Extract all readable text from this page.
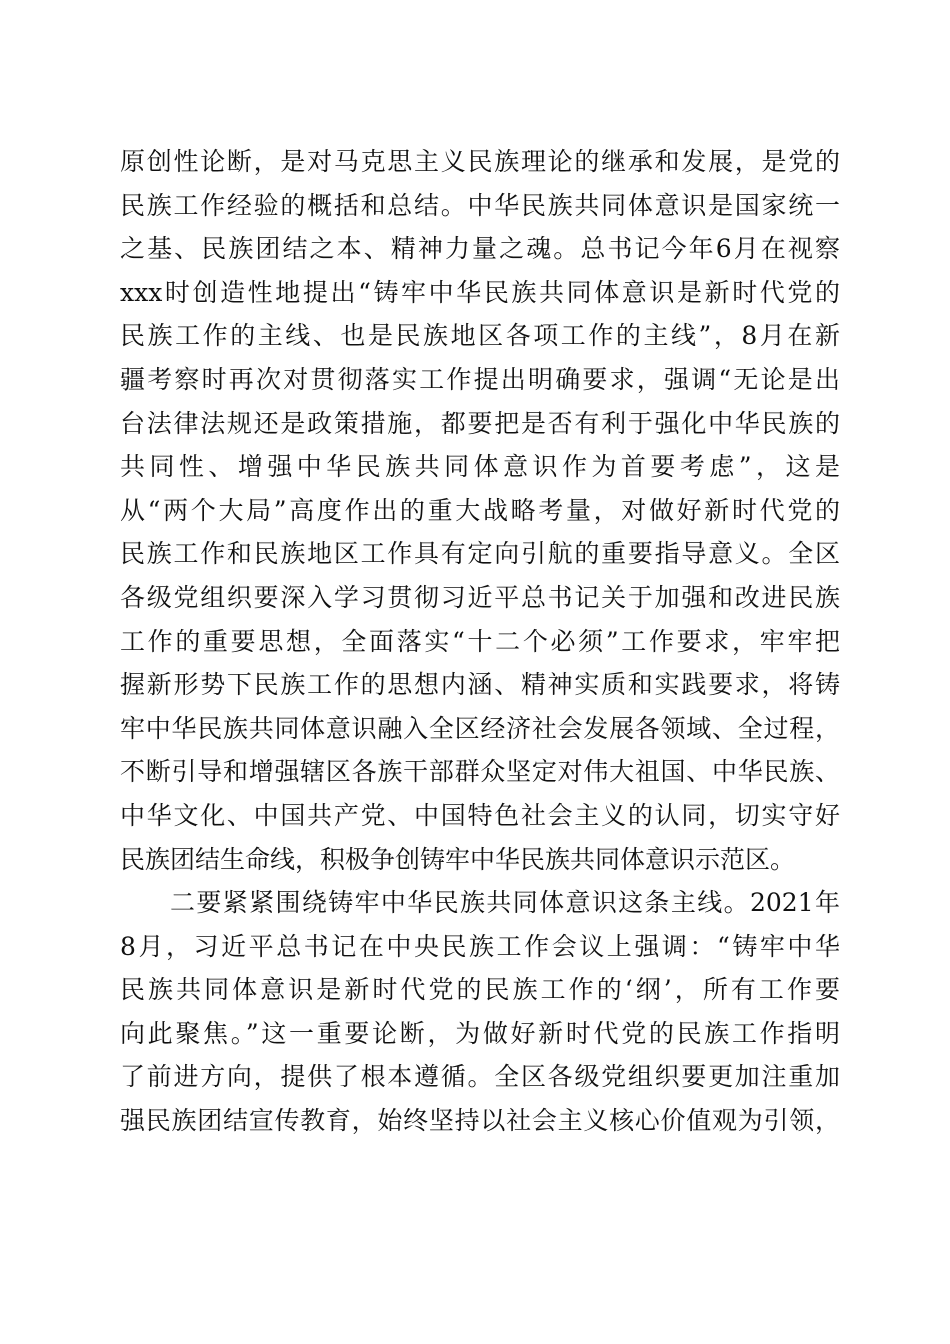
原创性论断，是对马克思主义民族理论的继承和发展，是党的
民族工作经验的概括和总结。中华民族共同体意识是国家统一
之基、民族团结之本、精神力量之魂。总书记今年6月在视察
xxx时创造性地提出“铸牢中华民族共同体意识是新时代党的
民族工作的主线、也是民族地区各项工作的主线”，8月在新
疆考察时再次对贯彻落实工作提出明确要求，强调“无论是出
台法律法规还是政策措施，都要把是否有利于强化中华民族的
共同性、增强中华民族共同体意识作为首要考虑”，这是
从“两个大局”高度作出的重大战略考量，对做好新时代党的
民族工作和民族地区工作具有定向引航的重要指导意义。全区
各级党组织要深入学习贯彻习近平总书记关于加强和改进民族
工作的重要思想，全面落实“十二个必须”工作要求，牢牢把
握新形势下民族工作的思想内涵、精神实质和实践要求，将铸
牢中华民族共同体意识融入全区经济社会发展各领域、全过程，
不断引导和增强辖区各族干部群众坚定对伟大祖国、中华民族、
中华文化、中国共产党、中国特色社会主义的认同，切实守好
民族团结生命线，积极争创铸牢中华民族共同体意识示范区。
二要紧紧围绕铸牢中华民族共同体意识这条主线。2021年
8月，习近平总书记在中央民族工作会议上强调：“铸牢中华
民族共同体意识是新时代党的民族工作的‘纲’，所有工作要
向此聚焦。”这一重要论断，为做好新时代党的民族工作指明
了前进方向，提供了根本遵循。全区各级党组织要更加注重加
强民族团结宣传教育，始终坚持以社会主义核心价值观为引领，
